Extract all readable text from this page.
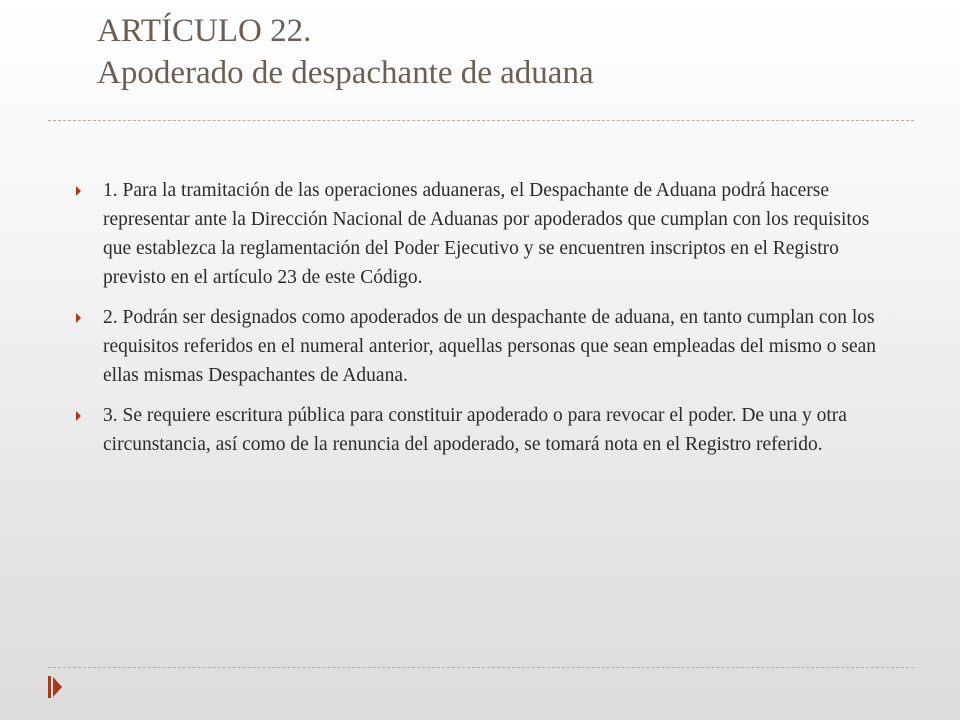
ARTÍCULO 22.
Apoderado de despachante de aduana
1. Para la tramitación de las operaciones aduaneras, el Despachante de Aduana podrá hacerse representar ante la Dirección Nacional de Aduanas por apoderados que cumplan con los requisitos que establezca la reglamentación del Poder Ejecutivo y se encuentren inscriptos en el Registro previsto en el artículo 23 de este Código.
2. Podrán ser designados como apoderados de un despachante de aduana, en tanto cumplan con los requisitos referidos en el numeral anterior, aquellas personas que sean empleadas del mismo o sean ellas mismas Despachantes de Aduana.
3. Se requiere escritura pública para constituir apoderado o para revocar el poder. De una y otra circunstancia, así como de la renuncia del apoderado, se tomará nota en el Registro referido.
